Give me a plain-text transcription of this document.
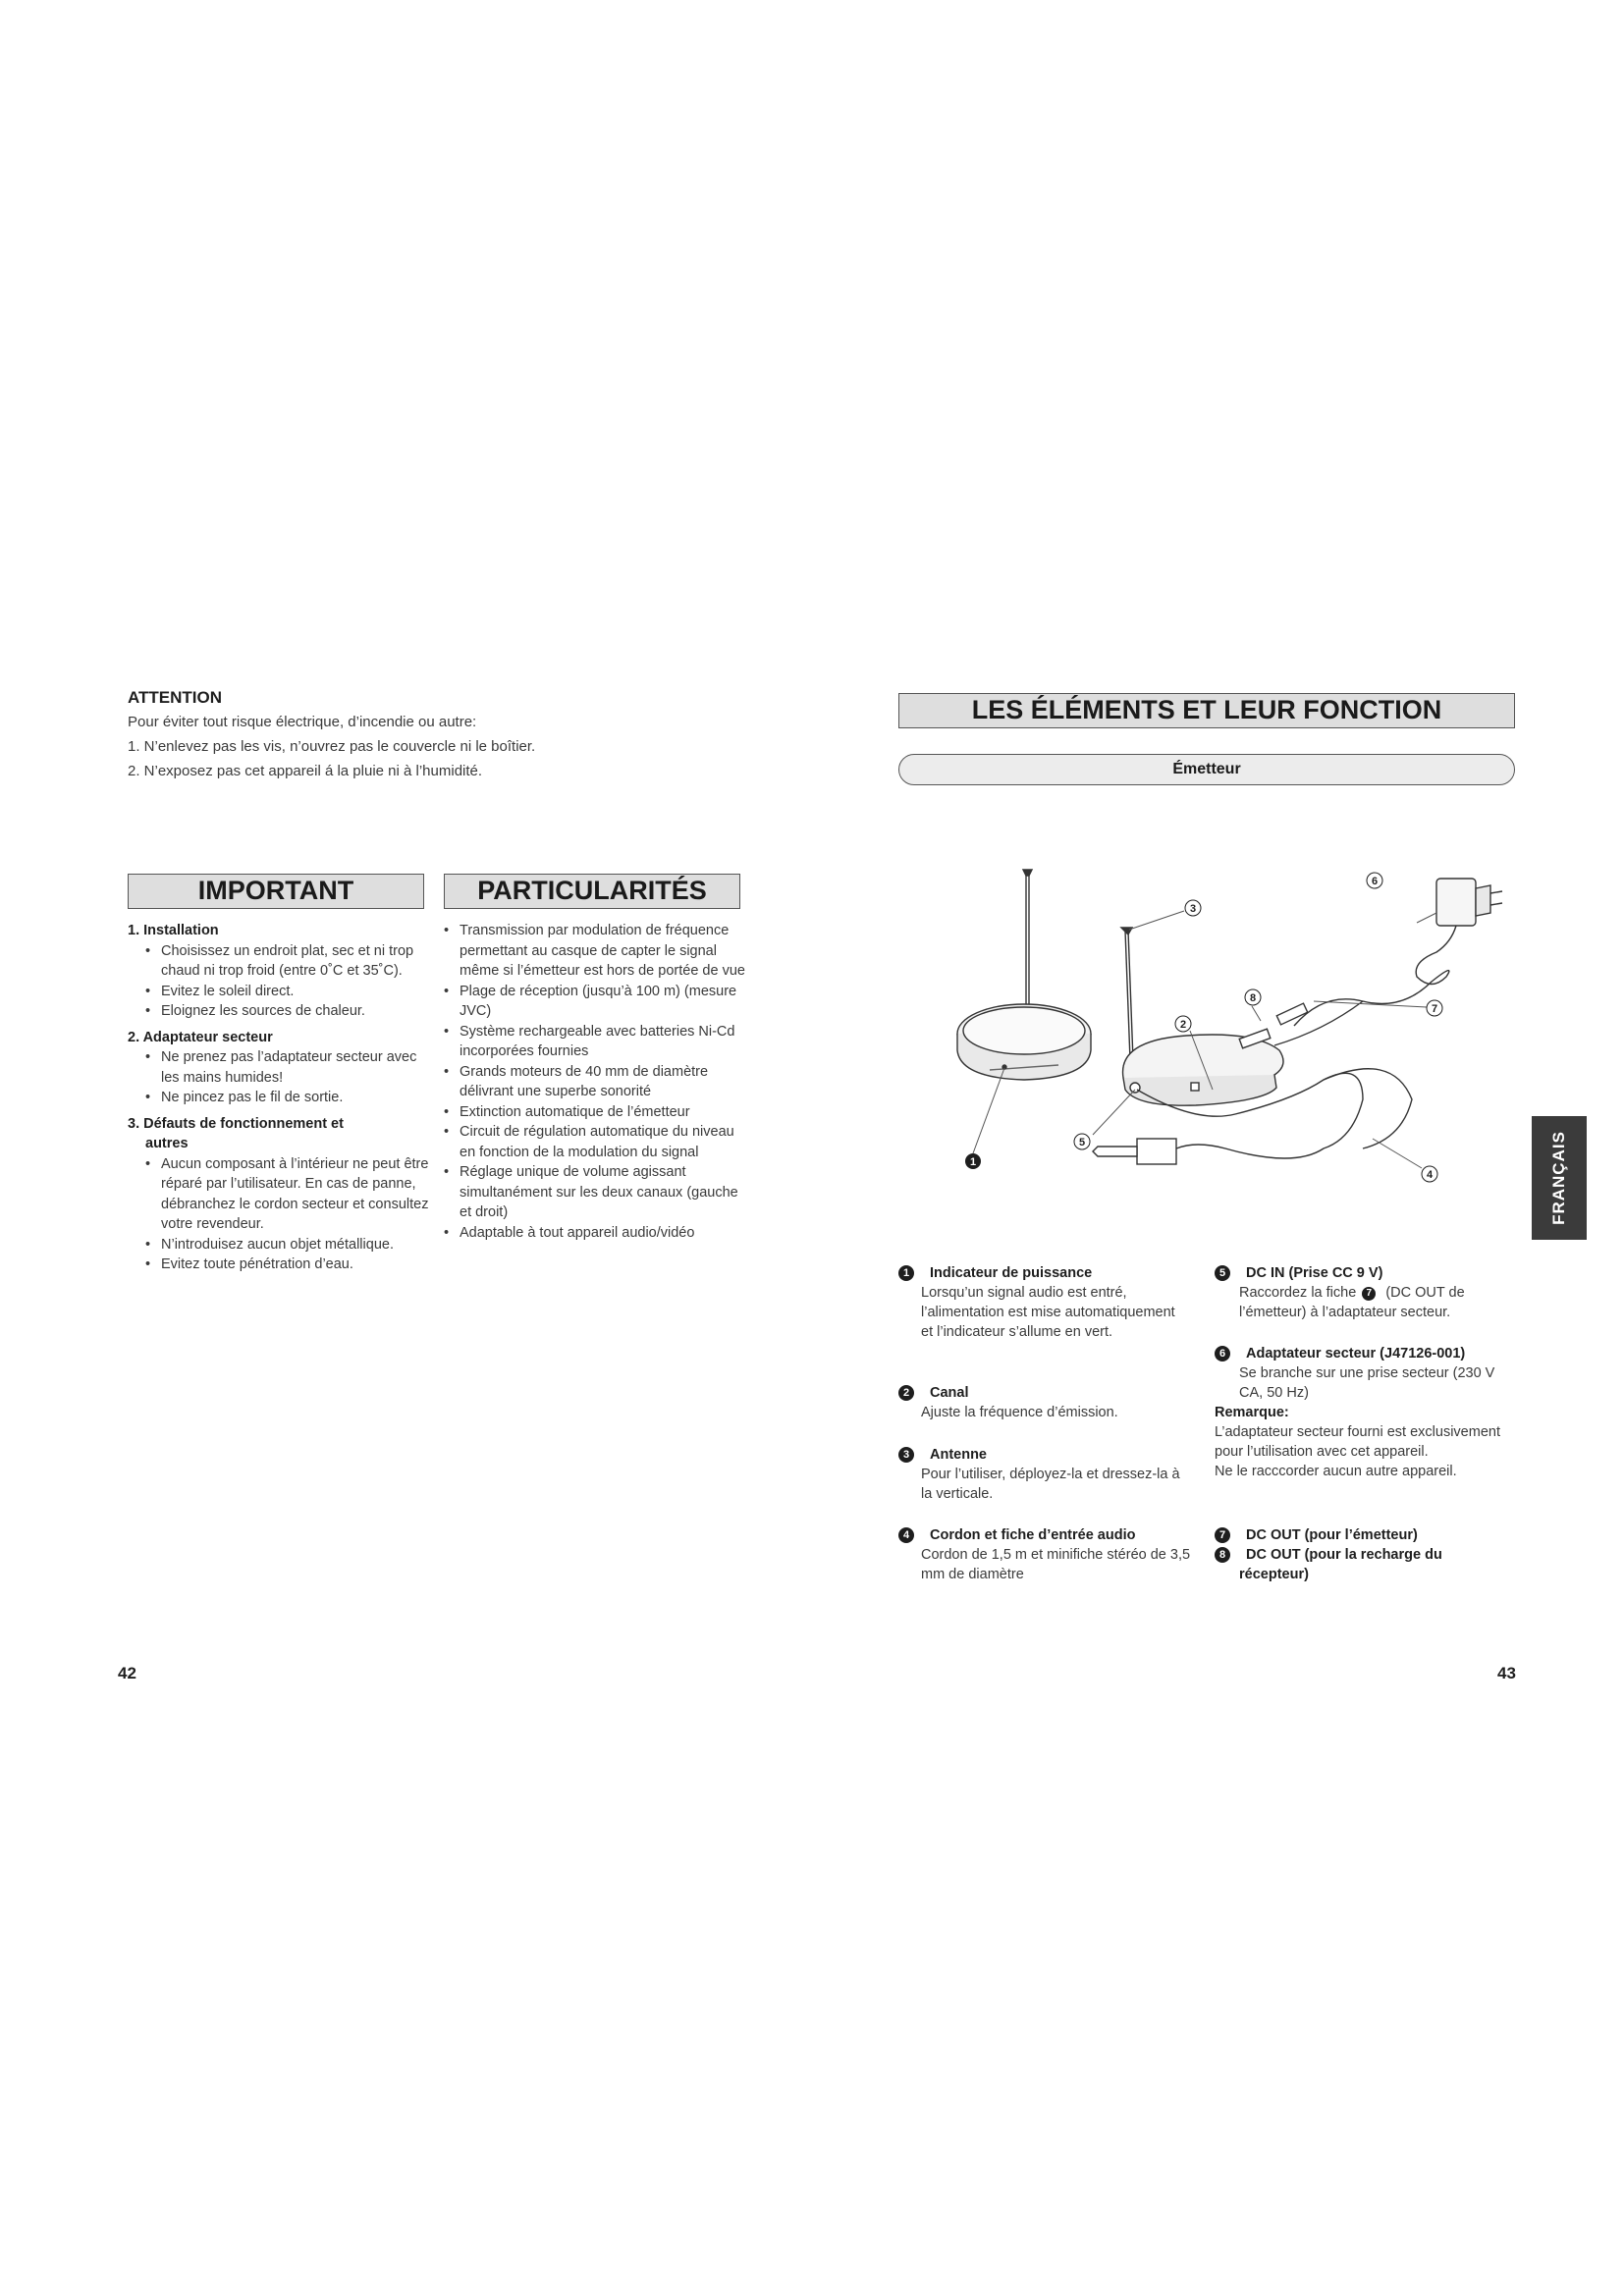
ATTENTION

Pour éviter tout risque électrique, d’incendie ou autre:

1. N’enlevez pas les vis, n’ouvrez pas le couvercle ni le boîtier.

2. N’exposez pas cet appareil á la pluie ni à l’humidité.

IMPORTANT	PARTICULARITÉS
LES ÉLÉMENTS ET LEUR FONCTION
Émetteur
1. Installation
• Choisissez un endroit plat, sec et ni trop chaud ni trop froid (entre 0˚C et 35˚C).
• Evitez le soleil direct.
• Eloignez les sources de chaleur.
2. Adaptateur secteur
• Ne prenez pas l’adaptateur secteur avec les mains humides!
• Ne pincez pas le fil de sortie.
3. Défauts de fonctionnement et
autres
• Aucun composant à l’intérieur ne peut être réparé par l’utilisateur. En cas de panne, débranchez le cordon secteur et consultez votre revendeur.
• N’introduisez aucun objet métallique.
• Evitez toute pénétration d’eau.
• Transmission par modulation de fréquence permettant au casque de capter le signal même si l’émetteur est hors de portée de vue
• Plage de réception (jusqu’à 100 m) (mesure JVC)
• Système rechargeable avec batteries Ni-Cd incorporées fournies
• Grands moteurs de 40 mm de diamètre délivrant une superbe sonorité
• Extinction automatique de l’émetteur
• Circuit de régulation automatique du niveau en fonction de la modulation du signal
• Réglage unique de volume agissant simultanément sur les deux canaux (gauche et droit)
• Adaptable à tout appareil audio/vidéo
1
2
3
4
5
6
7
8
1 Indicateur de puissance
Lorsqu’un signal audio est entré, l’alimentation est mise automatiquement et l’indicateur s’allume en vert.
2 Canal
Ajuste la fréquence d’émission.
3 Antenne
Pour l’utiliser, déployez-la et dressez-la à la verticale.
4 Cordon et fiche d’entrée audio
Cordon de 1,5 m et minifiche stéréo de 3,5 mm de diamètre
5 DC IN (Prise CC 9 V)
Raccordez la fiche 7 (DC OUT de l’émetteur) à l’adaptateur secteur.
6 Adaptateur secteur (J47126-001)
Se branche sur une prise secteur (230 V CA, 50 Hz)
Remarque:
L’adaptateur secteur fourni est exclusivement pour l’utilisation avec cet appareil.
Ne le racccorder aucun autre appareil.
7 DC OUT (pour l’émetteur)
8 DC OUT (pour la recharge du
récepteur)
FRANÇAIS
42	43
